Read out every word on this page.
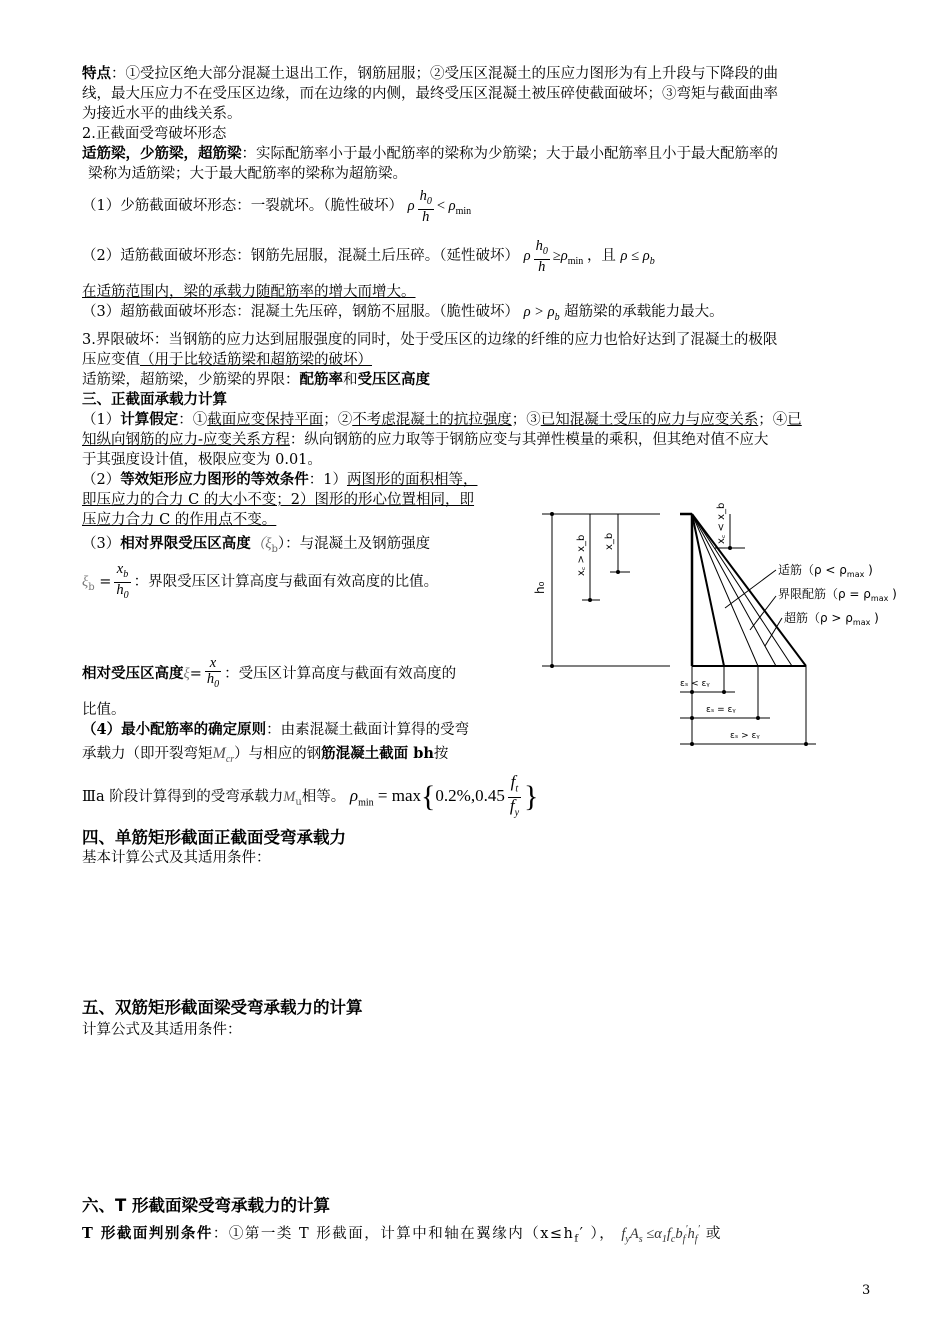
特点：①受拉区绝大部分混凝土退出工作，钢筋屈服；②受压区混凝土的压应力图形为有上升段与下降段的曲
线，最大压应力不在受压区边缘，而在边缘的内侧，最终受压区混凝土被压碎使截面破坏；③弯矩与截面曲率
为接近水平的曲线关系。
2.正截面受弯破坏形态
适筋梁，少筋梁，超筋梁：实际配筋率小于最小配筋率的梁称为少筋梁；大于最小配筋率且小于最大配筋率的
梁称为适筋梁；大于最大配筋率的梁称为超筋梁。
（1）少筋截面破坏形态：一裂就坏。（脆性破坏） ρ $\frac{h_0}{h} < \rho_{min}$
（2）适筋截面破坏形态：钢筋先屈服，混凝土后压碎。（延性破坏） ρ $\frac{h_0}{h} \ge\rho_{min}$ ，且 $\rho \le \rho_b$
在适筋范围内，梁的承载力随配筋率的增大而增大。
（3）超筋截面破坏形态：混凝土先压碎，钢筋不屈服。（脆性破坏） $\rho > \rho_b$ 超筋梁的承载能力最大。
3.界限破坏：当钢筋的应力达到屈服强度的同时，处于受压区的边缘的纤维的应力也恰好达到了混凝土的极限
压应变值（用于比较适筋梁和超筋梁的破坏）
适筋梁，超筋梁，少筋梁的界限：配筋率和受压区高度
三、正截面承载力计算
（1）计算假定：①截面应变保持平面；②不考虑混凝土的抗拉强度；③已知混凝土受压的应力与应变关系；④已
知纵向钢筋的应力-应变关系方程：纵向钢筋的应力取等于钢筋应变与其弹性模量的乘积，但其绝对值不应大
于其强度设计值，极限应变为 0.01。
（2）等效矩形应力图形的等效条件：1）两图形的面积相等，
即压应力的合力 C 的大小不变；2）图形的形心位置相同，即
压应力合力 C 的作用点不变。
（3）相对界限受压区高度$(\xi_b)$：与混凝土及钢筋强度
$\xi_b = \frac{x_b}{h_0}$ ：界限受压区计算高度与截面有效高度的比值。
相对受压区高度$\xi= \frac{x}{h_0}$ ：受压区计算高度与截面有效高度的
比值。
（4）最小配筋率的确定原则：由素混凝土截面计算得的受弯
承载力（即开裂弯矩$M_{cr}$）与相应的钢筋混凝土截面 bh按
Ⅲa 阶段计算得到的受弯承载力$M_u$相等。 $\rho_{min} = \max\{0.2\%,0.45 \frac{f_t}{f_y}$ }
四、单筋矩形截面正截面受弯承载力
基本计算公式及其适用条件：
五、双筋矩形截面梁受弯承载力的计算
计算公式及其适用条件：
六、T 形截面梁受弯承载力的计算
T 形截面判别条件：①第一类 T 形截面，计算中和轴在翼缘内（$x\le h_f'$ ）， $f_yA_s \le\alpha_1f_cb_f'h_f'$ 或
h₀
x꜀ > x_b x_b	x꜀ < x_b
适筋（$\rho < \rho_{max}$ )
界限配筋（$\rho = \rho_{max}$ )
超筋（$\rho > \rho_{max}$ )
εₛ < εᵧ
εₛ = εᵧ
εₛ > εᵧ
3
